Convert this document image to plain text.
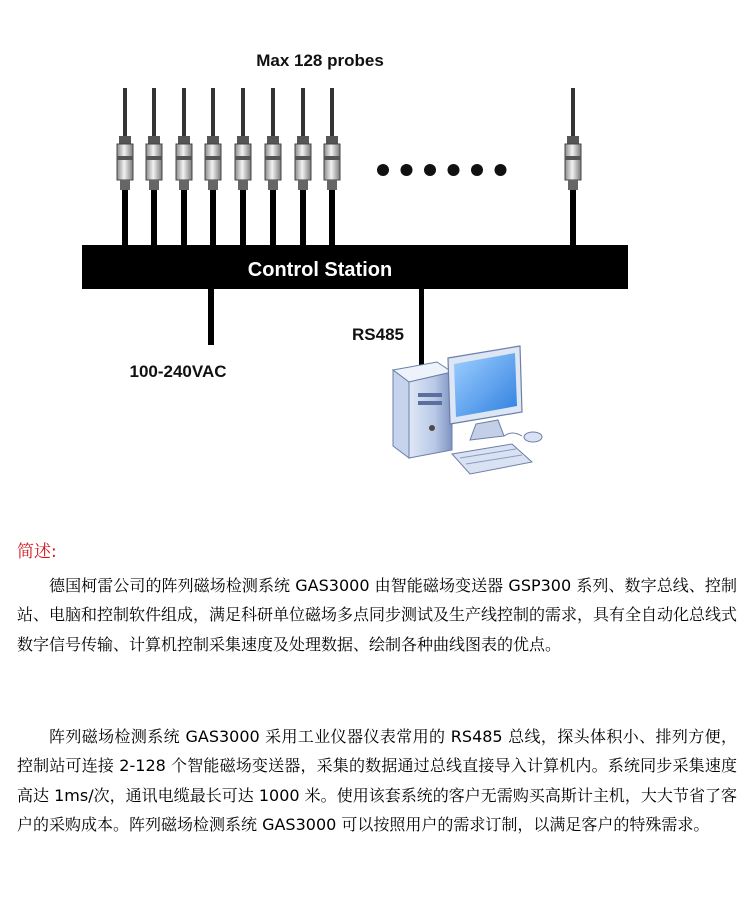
Max 128 probes
Control Station
100-240VAC
RS485
简述:

德国柯雷公司的阵列磁场检测系统 GAS3000 由智能磁场变送器 GSP300 系列、数字总线、控制站、电脑和控制软件组成，满足科研单位磁场多点同步测试及生产线控制的需求，具有全自动化总线式数字信号传输、计算机控制采集速度及处理数据、绘制各种曲线图表的优点。

阵列磁场检测系统 GAS3000 采用工业仪器仪表常用的 RS485 总线，探头体积小、排列方便，控制站可连接 2-128 个智能磁场变送器，采集的数据通过总线直接导入计算机内。系统同步采集速度高达 1ms/次，通讯电缆最长可达 1000 米。使用该套系统的客户无需购买高斯计主机，大大节省了客户的采购成本。阵列磁场检测系统 GAS3000 可以按照用户的需求订制，以满足客户的特殊需求。
